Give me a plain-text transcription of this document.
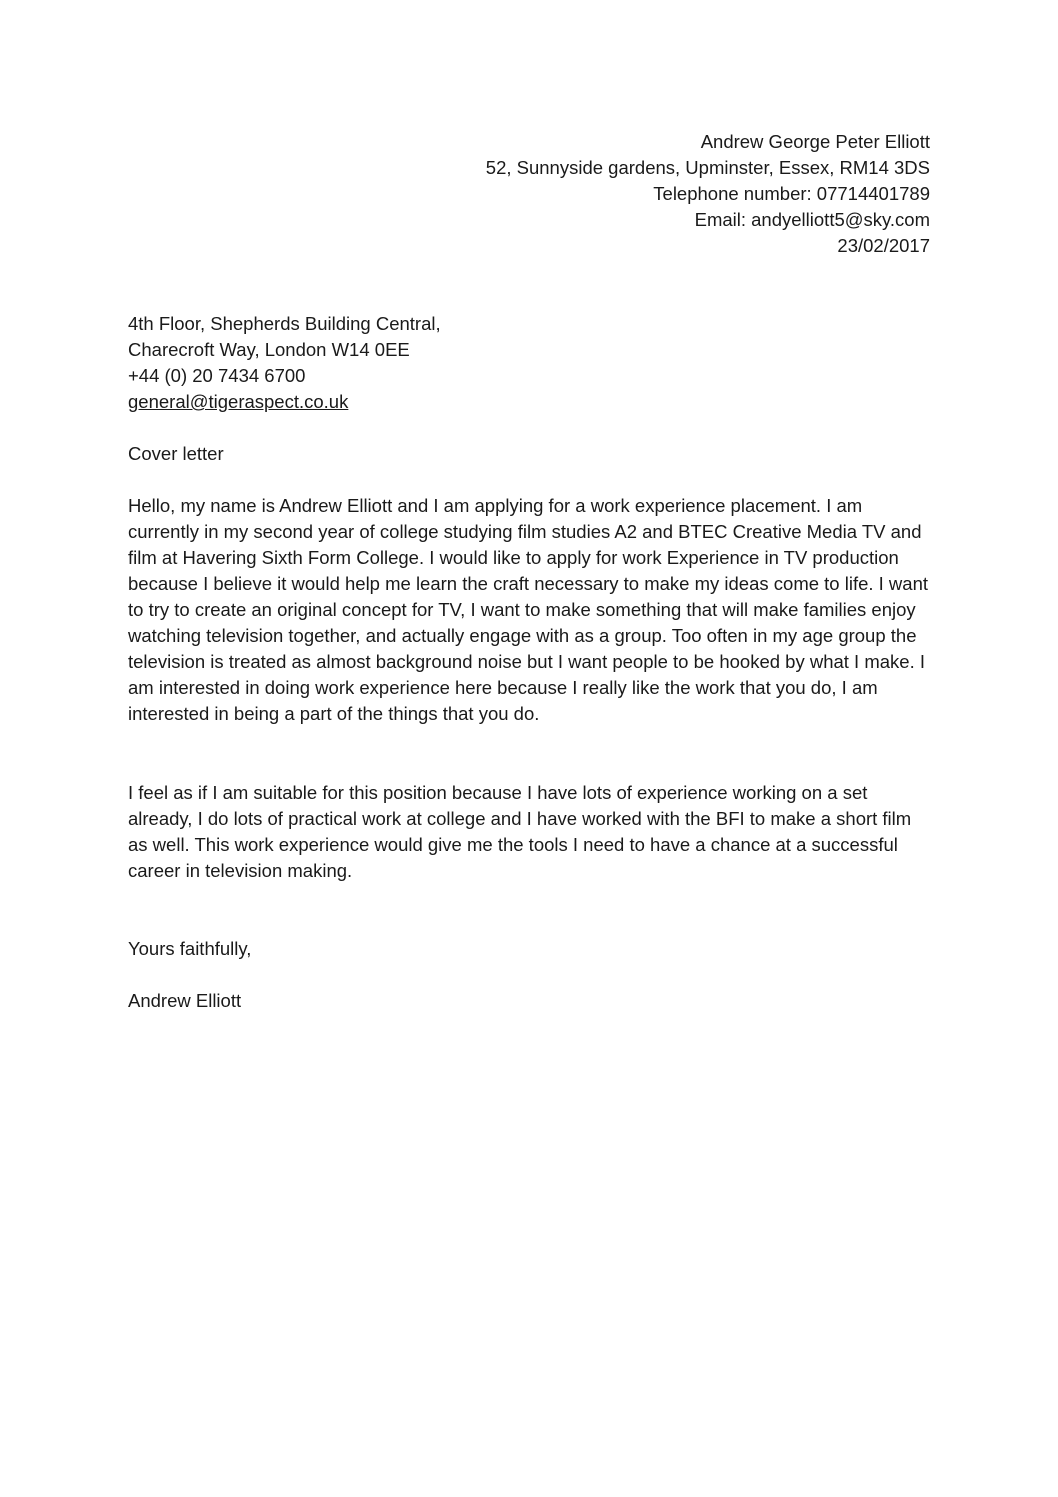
Andrew George Peter Elliott
52, Sunnyside gardens, Upminster, Essex, RM14 3DS
Telephone number: 07714401789
Email: andyelliott5@sky.com
23/02/2017
4th Floor, Shepherds Building Central,
Charecroft Way, London W14 0EE
+44 (0) 20 7434 6700
general@tigeraspect.co.uk
Cover letter

Hello, my name is Andrew Elliott and I am applying for a work experience placement. I am currently in my second year of college studying film studies A2 and BTEC Creative Media TV and film at Havering Sixth Form College. I would like to apply for work Experience in TV production because I believe it would help me learn the craft necessary to make my ideas come to life. I want to try to create an original concept for TV, I want to make something that will make families enjoy watching television together, and actually engage with as a group. Too often in my age group the television is treated as almost background noise but I want people to be hooked by what I make. I am interested in doing work experience here because I really like the work that you do, I am interested in being a part of the things that you do.

I feel as if I am suitable for this position because I have lots of experience working on a set already, I do lots of practical work at college and I have worked with the BFI to make a short film as well. This work experience would give me the tools I need to have a chance at a successful career in television making.

Yours faithfully,
Andrew Elliott
